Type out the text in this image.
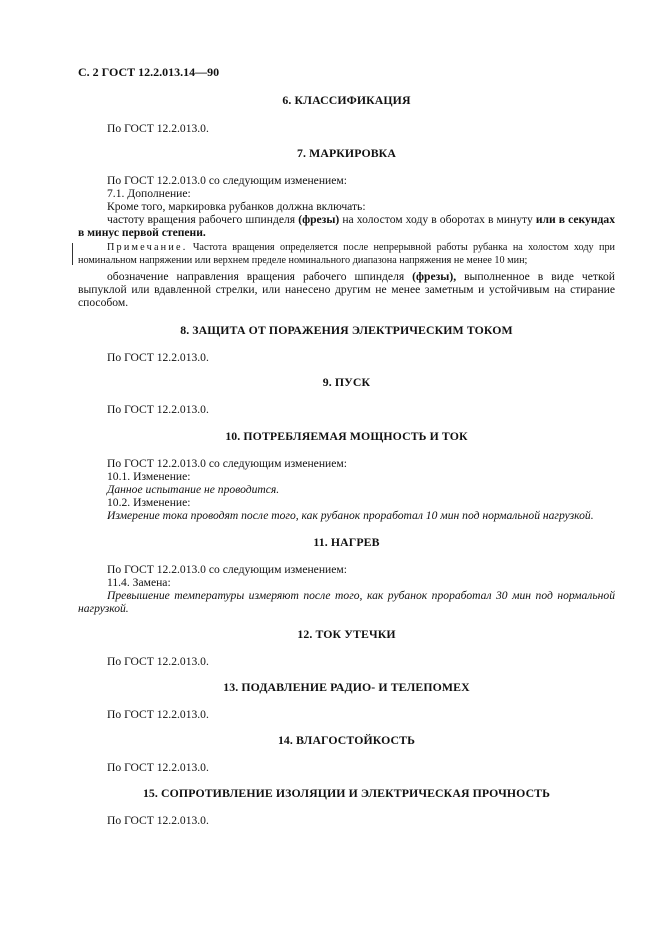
С. 2 ГОСТ 12.2.013.14—90
6. КЛАССИФИКАЦИЯ
По ГОСТ 12.2.013.0.
7. МАРКИРОВКА

По ГОСТ 12.2.013.0 со следующим изменением:

7.1. Дополнение:

Кроме того, маркировка рубанков должна включать:

частоту вращения рабочего шпинделя (фрезы) на холостом ходу в оборотах в минуту или в секундах в минус первой степени.

Примечание. Частота вращения определяется после непрерывной работы рубанка на холостом ходу при номинальном напряжении или верхнем пределе номинального диапазона напряжения не менее 10 мин;

обозначение направления вращения рабочего шпинделя (фрезы), выполненное в виде четкой выпуклой или вдавленной стрелки, или нанесено другим не менее заметным и устойчивым на стирание способом.

8. ЗАЩИТА ОТ ПОРАЖЕНИЯ ЭЛЕКТРИЧЕСКИМ ТОКОМ
По ГОСТ 12.2.013.0.
9. ПУСК
По ГОСТ 12.2.013.0.
10. ПОТРЕБЛЯЕМАЯ МОЩНОСТЬ И ТОК

По ГОСТ 12.2.013.0 со следующим изменением:

10.1. Изменение:

Данное испытание не проводится.

10.2. Изменение:

Измерение тока проводят после того, как рубанок проработал 10 мин под нормальной нагрузкой.

11. НАГРЕВ

По ГОСТ 12.2.013.0 со следующим изменением:

11.4. Замена:

Превышение температуры измеряют после того, как рубанок проработал 30 мин под нормальной нагрузкой.

12. ТОК УТЕЧКИ
По ГОСТ 12.2.013.0.
13. ПОДАВЛЕНИЕ РАДИО- И ТЕЛЕПОМЕХ
По ГОСТ 12.2.013.0.
14. ВЛАГОСТОЙКОСТЬ
По ГОСТ 12.2.013.0.
15. СОПРОТИВЛЕНИЕ ИЗОЛЯЦИИ И ЭЛЕКТРИЧЕСКАЯ ПРОЧНОСТЬ
По ГОСТ 12.2.013.0.
